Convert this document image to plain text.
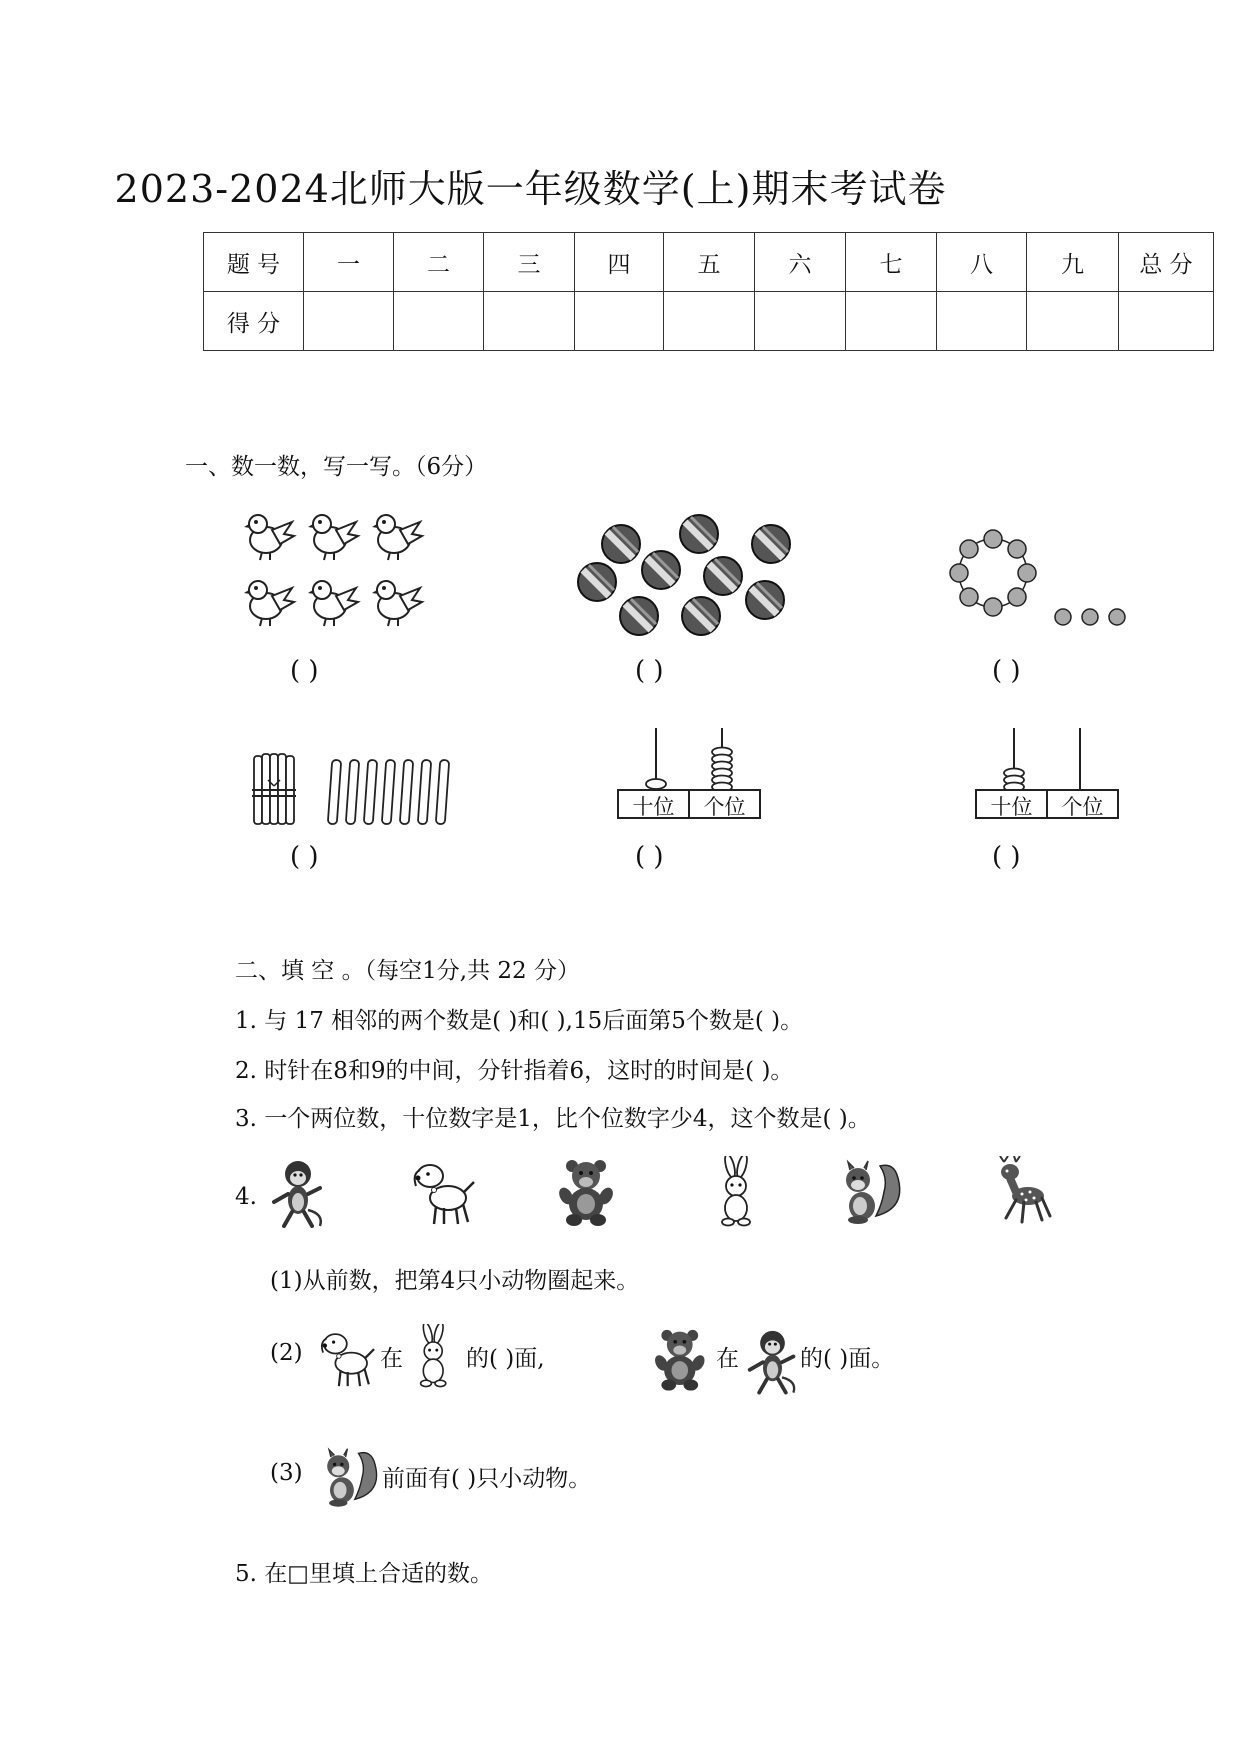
2023-2024北师大版一年级数学(上)期末考试卷
题 号	一	二	三	四	五	六	七	八	九	总 分
得 分										
一、数一数，写一写。（6分）
( )	( )	( )
十位	个位	十位	个位
( )	( )	( )
二、填 空 。（每空1分,共 22 分）
1. 与 17 相邻的两个数是( )和( ),15后面第5个数是( )。
2. 时针在8和9的中间，分针指着6，这时的时间是( )。
3. 一个两位数，十位数字是1，比个位数字少4，这个数是( )。
4.
(1)从前数，把第4只小动物圈起来。
(2)	在	的( )面,	在	的( )面。
(3)	前面有( )只小动物。
5. 在□里填上合适的数。
